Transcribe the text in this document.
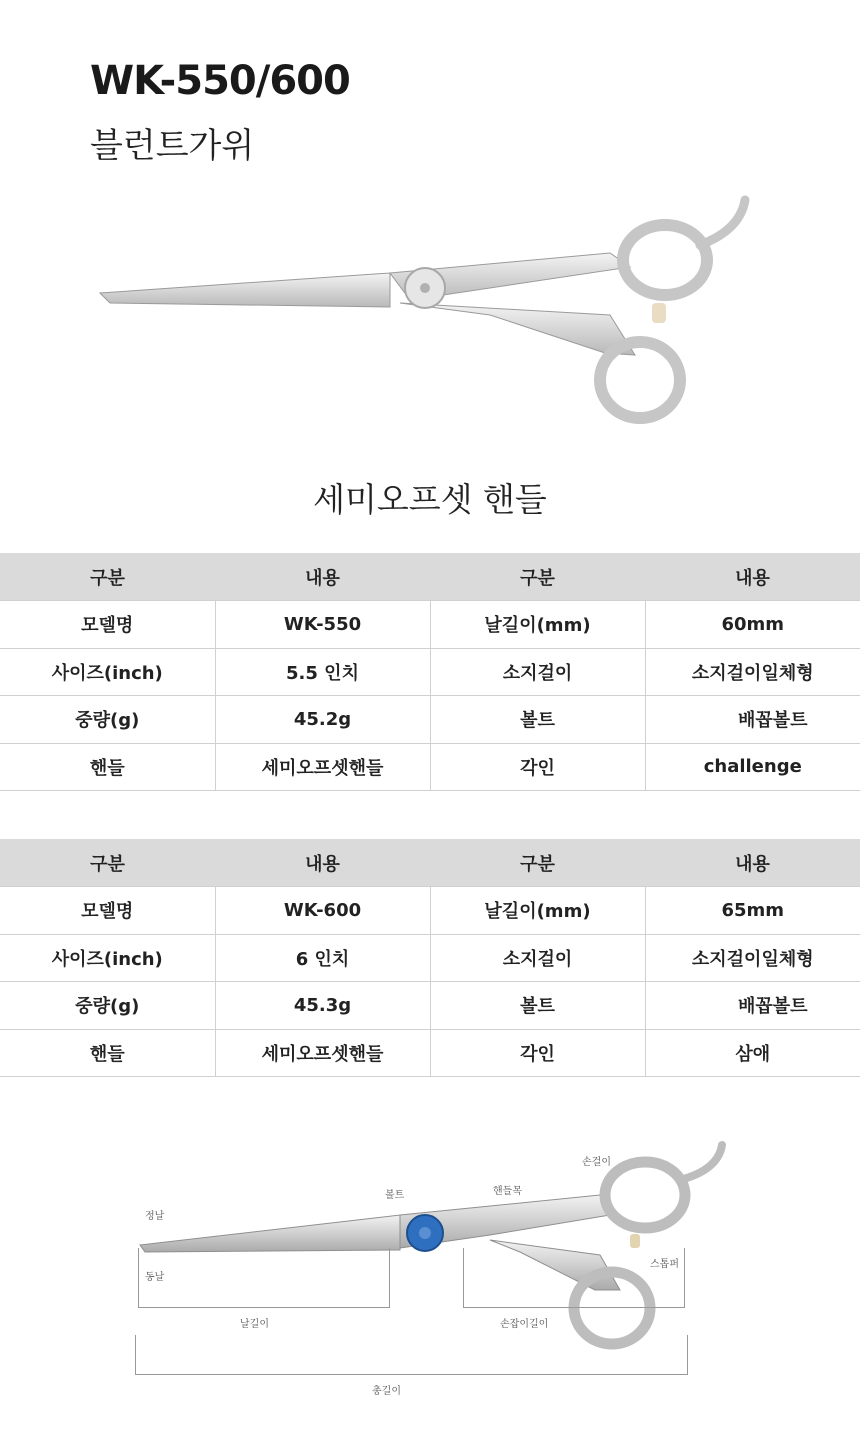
WK-550/600
블런트가위
세미오프셋 핸들
구분	내용	구분	내용
모델명	WK-550	날길이(mm)	60mm
사이즈(inch)	5.5 인치	소지걸이	소지걸이일체형
중량(g)	45.2g	볼트	배꼽볼트
핸들	세미오프셋핸들	각인	challenge
구분	내용	구분	내용
모델명	WK-600	날길이(mm)	65mm
사이즈(inch)	6 인치	소지걸이	소지걸이일체형
중량(g)	45.3g	볼트	배꼽볼트
핸들	세미오프셋핸들	각인	삼애
정날
동날
볼트	핸들목
손걸이
스톱퍼
날길이	손잡이길이
총길이
